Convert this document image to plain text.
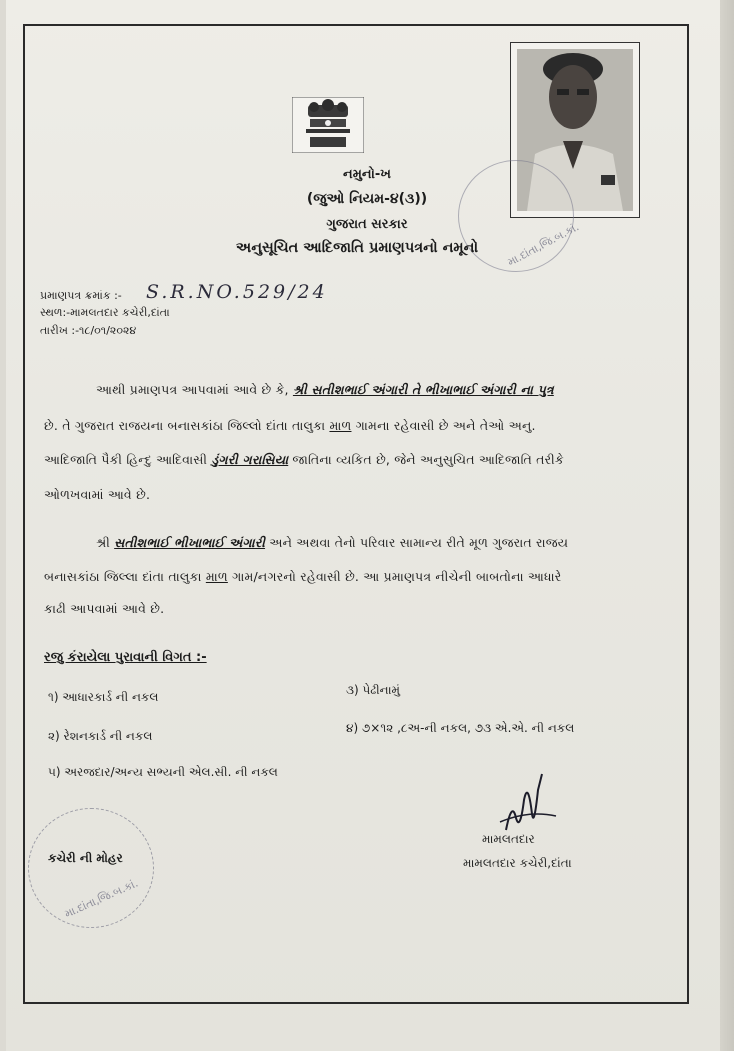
મા.દાંતા,જિ.બ.કાં.
નમુનો-ખ
(જુઓ નિયમ-૪(૩))
ગુજરાત સરકાર
અનુસૂચિત આદિજાતિ પ્રમાણપત્રનો નમૂનો
પ્રમાણપત્ર ક્રમાંક :- S.R.NO.529/24
સ્થળ:-મામલતદાર કચેરી,દાંતા
તારીખ :-૧૮/૦૧/૨૦૨૪
આથી પ્રમાણપત્ર આપવામાં આવે છે કે, શ્રી સતીશભાઈ અંગારી તે ભીખાભાઈ અંગારી ના પુત્ર
છે. તે ગુજરાત રાજયના બનાસકાંઠા જિલ્લો દાંતા તાલુકા માળ ગામના રહેવાસી છે અને તેઓ અનુ.
આદિજાતિ પૈકી હિન્દુ આદિવાસી ડુંગરી ગરાસિયા જાતિના વ્યકિત છે, જેને અનુસુચિત આદિજાતિ તરીકે
ઓળખવામાં આવે છે.
શ્રી સતીશભાઈ ભીખાભાઈ અંગારી અને અથવા તેનો પરિવાર સામાન્ય રીતે મૂળ ગુજરાત રાજય
બનાસકાંઠા જિલ્લા દાંતા તાલુકા માળ ગામ/નગરનો રહેવાસી છે. આ પ્રમાણપત્ર નીચેની બાબતોના આધારે
કાઢી આપવામાં આવે છે.
રજુ કંરાયેલા પુરાવાની વિગત :-
૧) આધારકાર્ડ ની નકલ	૩) પેઢીનામું
૨) રેશનકાર્ડ ની નકલ
૪) ૭×૧૨ ,૮અ-ની નકલ, ૭૩ એ.એ. ની નકલ
૫) અરજદાર/અન્ય સભ્યની એલ.સી. ની નકલ
કચેરી ની મોહર
મા.દાંતા,જિ.બ.કાં.
મામલતદાર
મામલતદાર કચેરી,દાંતા
